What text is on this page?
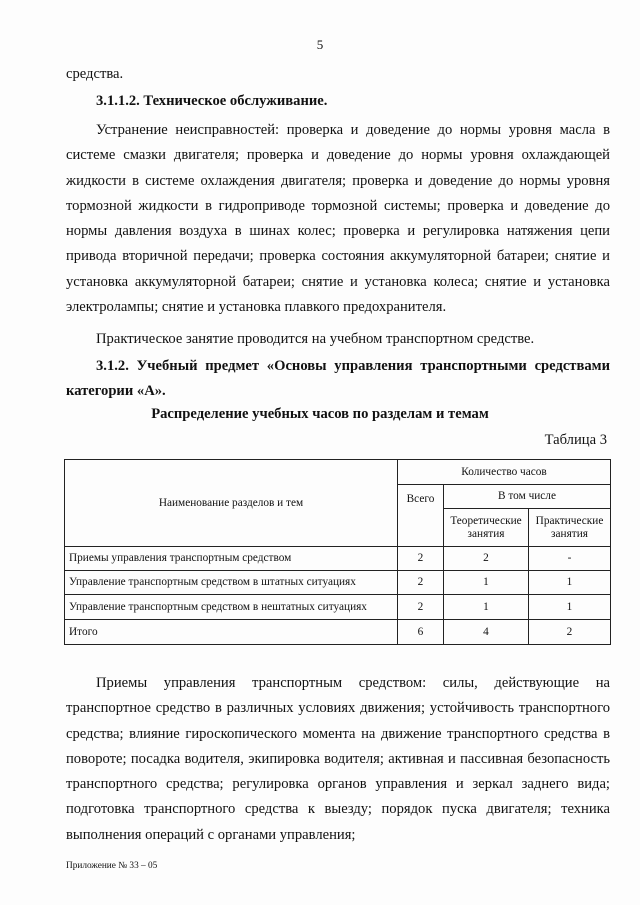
5
средства.
3.1.1.2. Техническое обслуживание.
Устранение неисправностей: проверка и доведение до нормы уровня масла в системе смазки двигателя; проверка и доведение до нормы уровня охлаждающей жидкости в системе охлаждения двигателя; проверка и доведение до нормы уровня тормозной жидкости в гидроприводе тормозной системы; проверка и доведение до нормы давления воздуха в шинах колес; проверка и регулировка натяжения цепи привода вторичной передачи; проверка состояния аккумуляторной батареи; снятие и установка аккумуляторной батареи; снятие и установка колеса; снятие и установка электролампы; снятие и установка плавкого предохранителя.
Практическое занятие проводится на учебном транспортном средстве.
3.1.2. Учебный предмет «Основы управления транспортными средствами категории «А».
Распределение учебных часов по разделам и темам
Таблица 3
Наименование разделов и тем	Количество часов		
	Всего	В том числе	
		Теоретические занятия	Практические занятия
Приемы управления транспортным средством	2	2	-
Управление транспортным средством в штатных ситуациях	2	1	1
Управление транспортным средством в нештатных ситуациях	2	1	1
Итого	6	4	2
Приемы управления транспортным средством: силы, действующие на транспортное средство в различных условиях движения; устойчивость транспортного средства; влияние гироскопического момента на движение транспортного средства в повороте; посадка водителя, экипировка водителя; активная и пассивная безопасность транспортного средства; регулировка органов управления и зеркал заднего вида; подготовка транспортного средства к выезду; порядок пуска двигателя; техника выполнения операций с органами управления;
Приложение № 33 – 05
